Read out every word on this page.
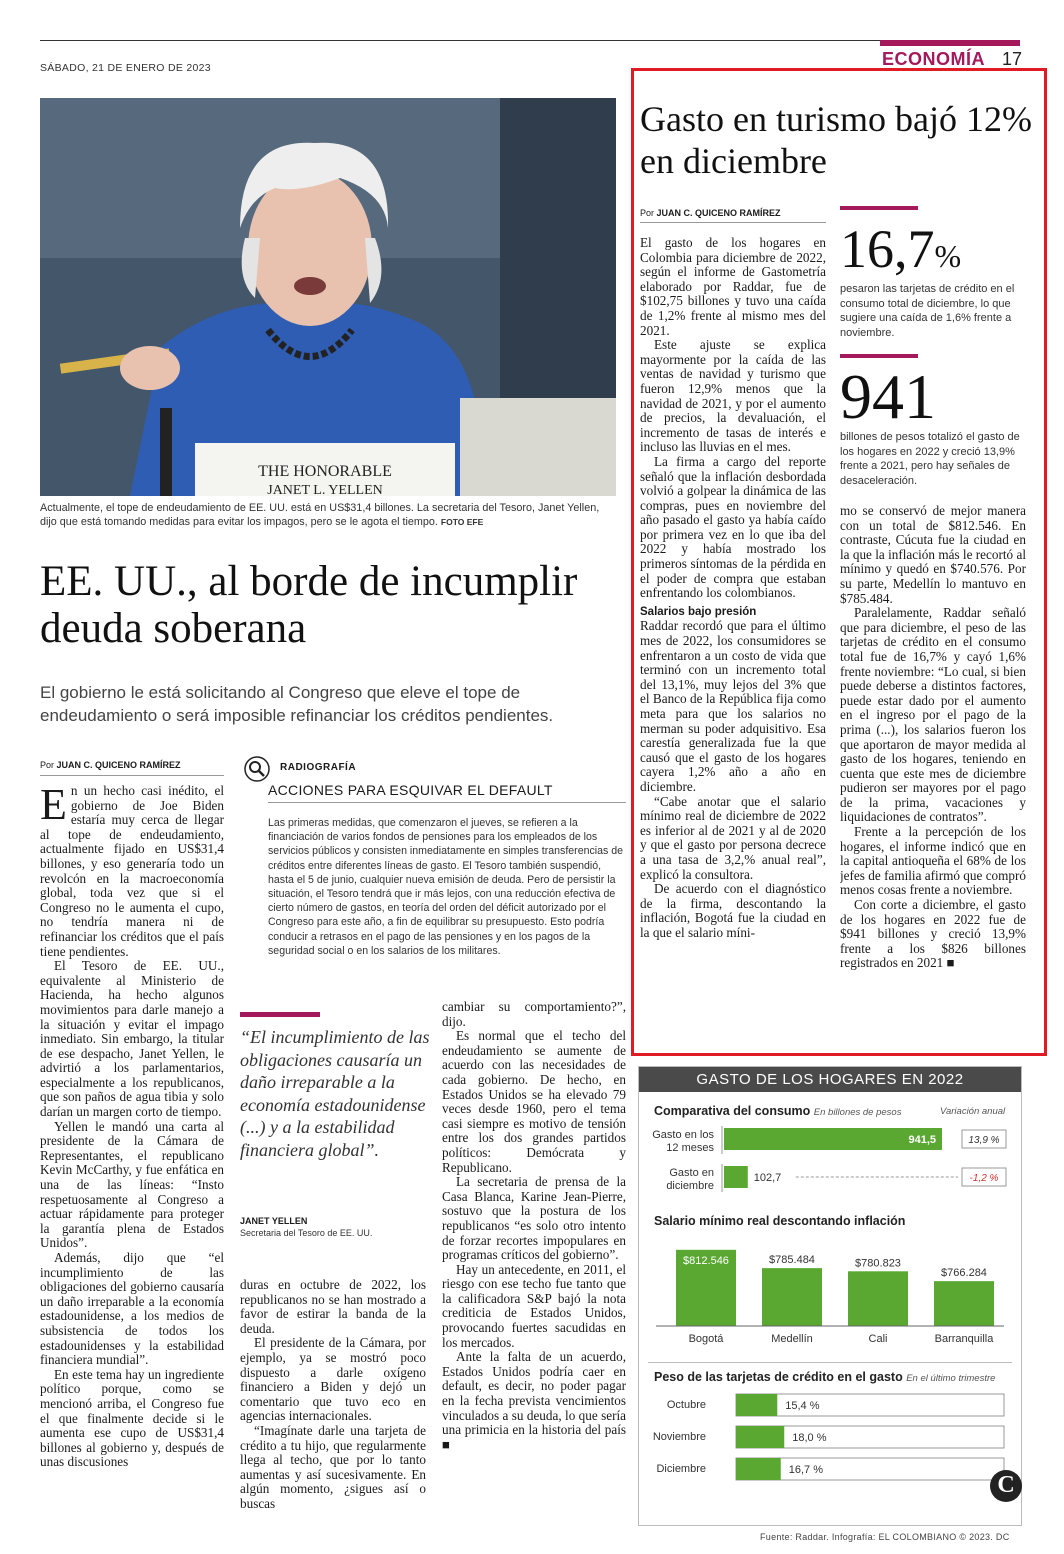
ECONOMÍA 17
SÁBADO, 21 DE ENERO DE 2023
THE HONORABLE
JANET L. YELLEN
Actualmente, el tope de endeudamiento de EE. UU. está en US$31,4 billones. La secretaria del Tesoro, Janet Yellen, dijo que está tomando medidas para evitar los impagos, pero se le agota el tiempo. FOTO EFE
EE. UU., al borde de incumplir deuda soberana
El gobierno le está solicitando al Congreso que eleve el tope de endeudamiento o será imposible refinanciar los créditos pendientes.
Por JUAN C. QUICENO RAMÍREZ
E n un hecho casi inédito, el gobierno de Joe Biden estaría muy cerca de llegar al tope de endeudamiento, actualmente fijado en US$31,4 billones, y eso generaría todo un revolcón en la macroeconomía global, toda vez que si el Congreso no le aumenta el cupo, no tendría manera ni de refinanciar los créditos que el país tiene pendientes.

El Tesoro de EE. UU., equivalente al Ministerio de Hacienda, ha hecho algunos movimientos para darle manejo a la situación y evitar el impago inmediato. Sin embargo, la titular de ese despacho, Janet Yellen, le advirtió a los parlamentarios, especialmente a los republicanos, que son paños de agua tibia y solo darían un margen corto de tiempo.

Yellen le mandó una carta al presidente de la Cámara de Representantes, el republicano Kevin McCarthy, y fue enfática en una de las líneas: “Insto respetuosamente al Congreso a actuar rápidamente para proteger la garantía plena de Estados Unidos”.

Además, dijo que “el incumplimiento de las obligaciones del gobierno causaría un daño irreparable a la economía estadounidense, a los medios de subsistencia de todos los estadounidenses y la estabilidad financiera mundial”.

En este tema hay un ingrediente político porque, como se mencionó arriba, el Congreso fue el que finalmente decide si le aumenta ese cupo de US$31,4 billones al gobierno y, después de unas discusiones

RADIOGRAFÍA
ACCIONES PARA ESQUIVAR EL DEFAULT
Las primeras medidas, que comenzaron el jueves, se refieren a la financiación de varios fondos de pensiones para los empleados de los servicios públicos y consisten inmediatamente en simples transferencias de créditos entre diferentes líneas de gasto. El Tesoro también suspendió, hasta el 5 de junio, cualquier nueva emisión de deuda. Pero de persistir la situación, el Tesoro tendrá que ir más lejos, con una reducción efectiva de cierto número de gastos, en teoría del orden del déficit autorizado por el Congreso para este año, a fin de equilibrar su presupuesto. Esto podría conducir a retrasos en el pago de las pensiones y en los pagos de la seguridad social o en los salarios de los militares.
“El incumplimiento de las obligaciones causaría un daño irreparable a la economía estadounidense (...) y a la estabilidad financiera global”.
JANET YELLEN
Secretaria del Tesoro de EE. UU.
duras en octubre de 2022, los republicanos no se han mostrado a favor de estirar la banda de la deuda.

El presidente de la Cámara, por ejemplo, ya se mostró poco dispuesto a darle oxígeno financiero a Biden y dejó un comentario que tuvo eco en agencias internacionales.

“Imagínate darle una tarjeta de crédito a tu hijo, que regularmente llega al techo, que por lo tanto aumentas y así sucesivamente. En algún momento, ¿sigues así o buscas

cambiar su comportamiento?”, dijo.

Es normal que el techo del endeudamiento se aumente de acuerdo con las necesidades de cada gobierno. De hecho, en Estados Unidos se ha elevado 79 veces desde 1960, pero el tema casi siempre es motivo de tensión entre los dos grandes partidos políticos: Demócrata y Republicano.

La secretaria de prensa de la Casa Blanca, Karine Jean-Pierre, sostuvo que la postura de los republicanos “es solo otro intento de forzar recortes impopulares en programas críticos del gobierno”.

Hay un antecedente, en 2011, el riesgo con ese techo fue tanto que la calificadora S&P bajó la nota crediticia de Estados Unidos, provocando fuertes sacudidas en los mercados.

Ante la falta de un acuerdo, Estados Unidos podría caer en default, es decir, no poder pagar en la fecha prevista vencimientos vinculados a su deuda, lo que sería una primicia en la historia del país ■

Gasto en turismo bajó 12% en diciembre
Por JUAN C. QUICENO RAMÍREZ

El gasto de los hogares en Colombia para diciembre de 2022, según el informe de Gastometría elaborado por Raddar, fue de $102,75 billones y tuvo una caída de 1,2% frente al mismo mes del 2021.

Este ajuste se explica mayormente por la caída de las ventas de navidad y turismo que fueron 12,9% menos que la navidad de 2021, y por el aumento de precios, la devaluación, el incremento de tasas de interés e incluso las lluvias en el mes.

La firma a cargo del reporte señaló que la inflación desbordada volvió a golpear la dinámica de las compras, pues en noviembre del año pasado el gasto ya había caído por primera vez en lo que iba del 2022 y había mostrado los primeros síntomas de la pérdida en el poder de compra que estaban enfrentando los colombianos.

Salarios bajo presión

Raddar recordó que para el último mes de 2022, los consumidores se enfrentaron a un costo de vida que terminó con un incremento total del 13,1%, muy lejos del 3% que el Banco de la República fija como meta para que los salarios no merman su poder adquisitivo. Esa carestía generalizada fue la que causó que el gasto de los hogares cayera 1,2% año a año en diciembre.

“Cabe anotar que el salario mínimo real de diciembre de 2022 es inferior al de 2021 y al de 2020 y que el gasto por persona decrece a una tasa de 3,2,% anual real”, explicó la consultora.

De acuerdo con el diagnóstico de la firma, descontando la inflación, Bogotá fue la ciudad en la que el salario míni-

16,7%
pesaron las tarjetas de crédito en el consumo total de diciembre, lo que sugiere una caída de 1,6% frente a noviembre.
941
billones de pesos totalizó el gasto de los hogares en 2022 y creció 13,9% frente a 2021, pero hay señales de desaceleración.
mo se conservó de mejor manera con un total de $812.546. En contraste, Cúcuta fue la ciudad en la que la inflación más le recortó al mínimo y quedó en $740.576. Por su parte, Medellín lo mantuvo en $785.484.

Paralelamente, Raddar señaló que para diciembre, el peso de las tarjetas de crédito en el consumo total fue de 16,7% y cayó 1,6% frente noviembre: “Lo cual, si bien puede deberse a distintos factores, puede estar dado por el aumento en el ingreso por el pago de la prima (...), los salarios fueron los que aportaron de mayor medida al gasto de los hogares, teniendo en cuenta que este mes de diciembre pudieron ser mayores por el pago de la prima, vacaciones y liquidaciones de contratos”.

Frente a la percepción de los hogares, el informe indicó que en la capital antioqueña el 68% de los jefes de familia afirmó que compró menos cosas frente a noviembre.

Con corte a diciembre, el gasto de los hogares en 2022 fue de $941 billones y creció 13,9% frente a los $826 billones registrados en 2021 ■

GASTO DE LOS HOGARES EN 2022
Comparativa del consumo En billones de pesos	Variación anual
Gasto en los
12 meses
941,5	13,9 %
Gasto en
diciembre
102,7	-1,2 %
Salario mínimo real descontando inflación
$812.546
Bogotá
$785.484
Medellín
$780.823
Cali
$766.284
Barranquilla
Peso de las tarjetas de crédito en el gasto En el último trimestre
Octubre	15,4 %
Noviembre	18,0 %
Diciembre	16,7 %
C
Fuente: Raddar. Infografía: EL COLOMBIANO © 2023. DC
